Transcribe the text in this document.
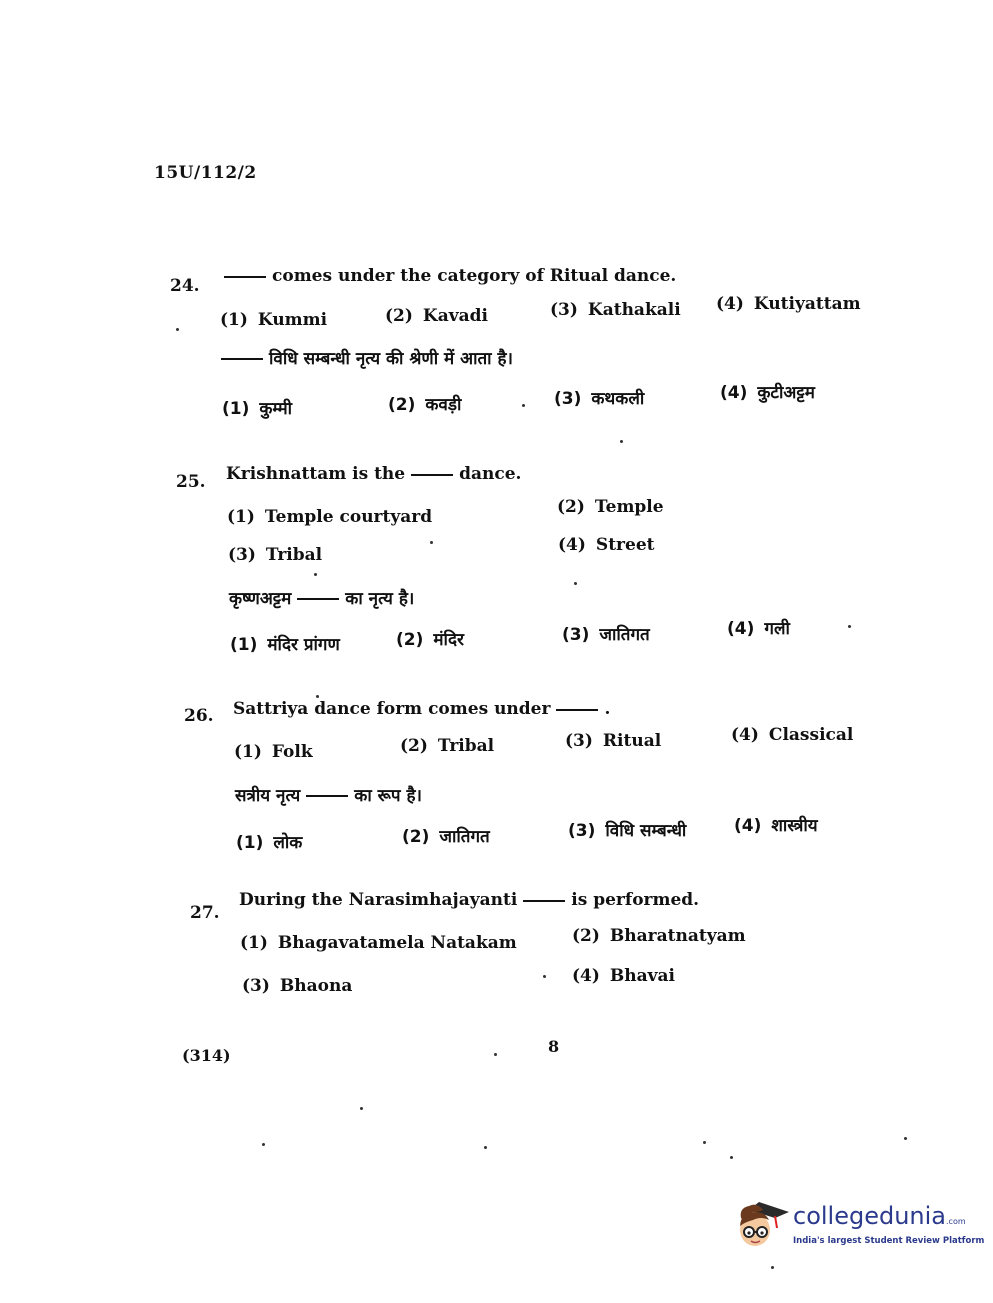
15U/112/2
24.	comes under the category of Ritual dance.
(1) Kummi	(2) Kavadi	(3) Kathakali (4) Kutiyattam
विधि सम्बन्धी नृत्य की श्रेणी में आता है।
(1) कुम्मी	(2) कवड़ी	(3) कथकली	(4) कुटीअट्टम
25. Krishnattam is the	dance.
(1) Temple courtyard	(2) Temple
(3) Tribal	(4) Street
कृष्णअट्टम	का नृत्य है।
(1) मंदिर प्रांगण	(2) मंदिर	(3) जातिगत	(4) गली
26. Sattriya dance form comes under	.
(1) Folk	(2) Tribal	(3) Ritual	(4) Classical
सत्रीय नृत्य	का रूप है।
(1) लोक	(2) जातिगत	(3) विधि सम्बन्धी	(4) शास्त्रीय
27.
During the Narasimhajayanti	is performed.
(1) Bhagavatamela Natakam	(2) Bharatnatyam
(3) Bhaona	(4) Bhavai
(314)	8
collegedunia.com
India's largest Student Review Platform
